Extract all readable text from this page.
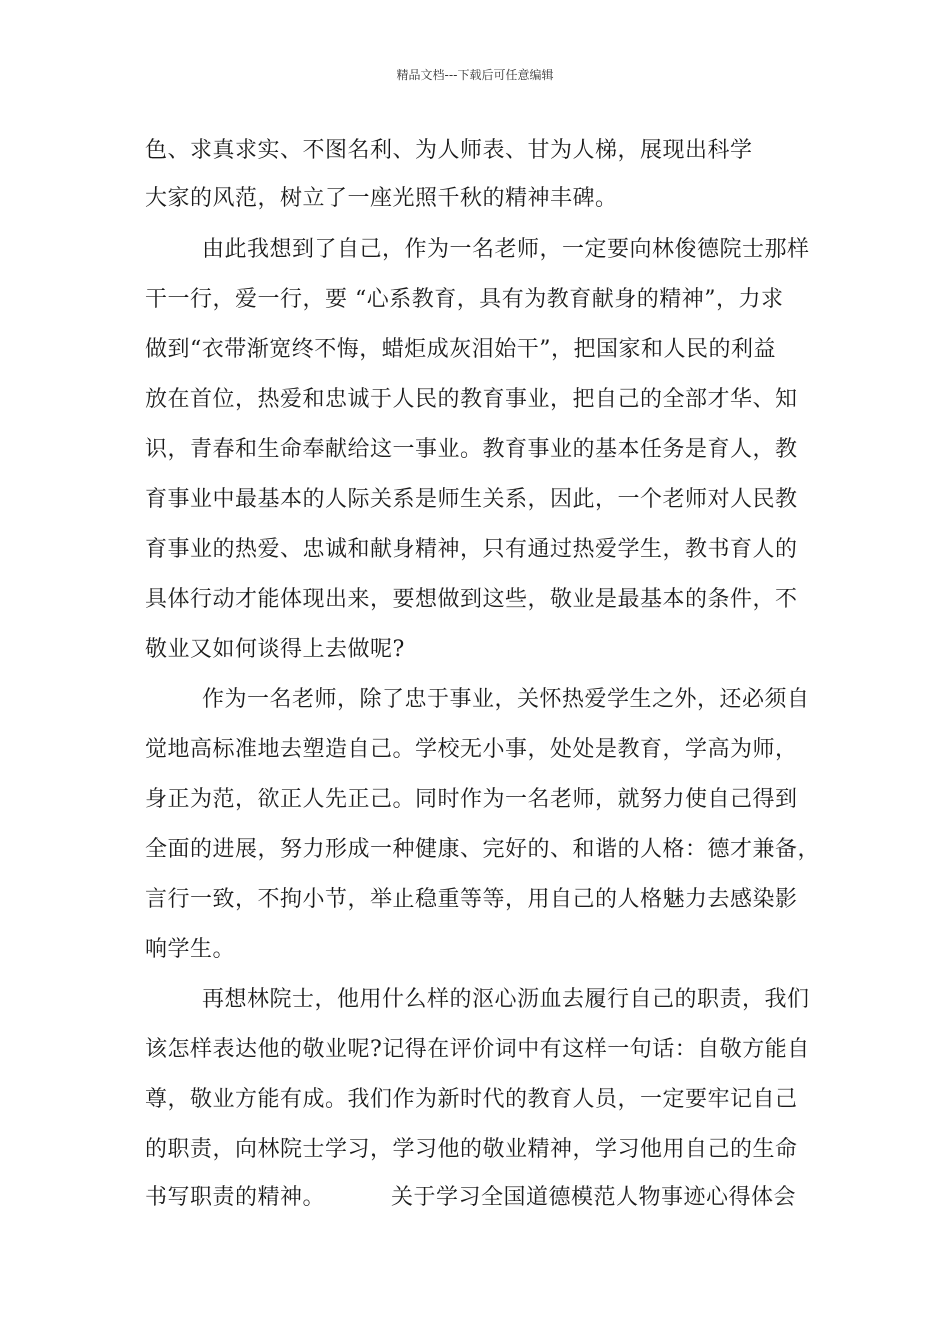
精品文档---下载后可任意编辑
色、求真求实、不图名利、为人师表、甘为人梯，展现出科学
大家的风范，树立了一座光照千秋的精神丰碑。
由此我想到了自己，作为一名老师，一定要向林俊德院士那样
干一行，爱一行，要 “心系教育，具有为教育献身的精神”，力求
做到“衣带渐宽终不悔，蜡炬成灰泪始干”，把国家和人民的利益
放在首位，热爱和忠诚于人民的教育事业，把自己的全部才华、知
识，青春和生命奉献给这一事业。教育事业的基本任务是育人，教
育事业中最基本的人际关系是师生关系，因此，一个老师对人民教
育事业的热爱、忠诚和献身精神，只有通过热爱学生，教书育人的
具体行动才能体现出来，要想做到这些，敬业是最基本的条件，不
敬业又如何谈得上去做呢?
作为一名老师，除了忠于事业，关怀热爱学生之外，还必须自
觉地高标准地去塑造自己。学校无小事，处处是教育，学高为师，
身正为范，欲正人先正己。同时作为一名老师，就努力使自己得到
全面的进展，努力形成一种健康、完好的、和谐的人格：德才兼备，
言行一致，不拘小节，举止稳重等等，用自己的人格魅力去感染影
响学生。
再想林院士，他用什么样的沤心沥血去履行自己的职责，我们
该怎样表达他的敬业呢?记得在评价词中有这样一句话：自敬方能自
尊，敬业方能有成。我们作为新时代的教育人员，一定要牢记自己
的职责，向林院士学习，学习他的敬业精神，学习他用自己的生命
书写职责的精神。	关于学习全国道德模范人物事迹心得体会
